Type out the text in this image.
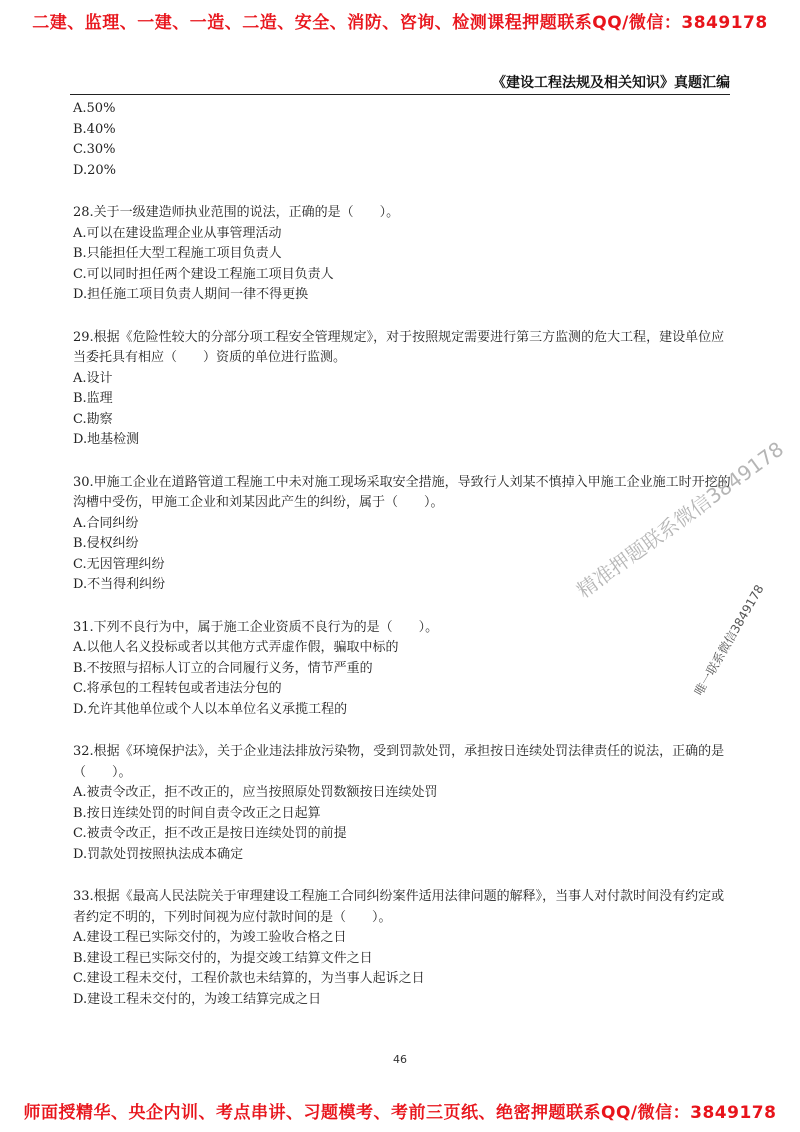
二建、监理、一建、一造、二造、安全、消防、咨询、检测课程押题联系QQ/微信：3849178
《建设工程法规及相关知识》真题汇编
A.50%
B.40%
C.30%
D.20%

28.关于一级建造师执业范围的说法，正确的是（　　）。

A.可以在建设监理企业从事管理活动
B.只能担任大型工程施工项目负责人
C.可以同时担任两个建设工程施工项目负责人
D.担任施工项目负责人期间一律不得更换

29.根据《危险性较大的分部分项工程安全管理规定》，对于按照规定需要进行第三方监测的危大工程，建设单位应当委托具有相应（　　）资质的单位进行监测。

A.设计
B.监理
C.勘察
D.地基检测

30.甲施工企业在道路管道工程施工中未对施工现场采取安全措施，导致行人刘某不慎掉入甲施工企业施工时开挖的沟槽中受伤，甲施工企业和刘某因此产生的纠纷，属于（　　）。

A.合同纠纷
B.侵权纠纷
C.无因管理纠纷
D.不当得利纠纷

31.下列不良行为中，属于施工企业资质不良行为的是（　　）。

A.以他人名义投标或者以其他方式弄虚作假，骗取中标的
B.不按照与招标人订立的合同履行义务，情节严重的
C.将承包的工程转包或者违法分包的
D.允许其他单位或个人以本单位名义承揽工程的

32.根据《环境保护法》，关于企业违法排放污染物，受到罚款处罚，承担按日连续处罚法律责任的说法，正确的是（　　）。

A.被责令改正，拒不改正的，应当按照原处罚数额按日连续处罚
B.按日连续处罚的时间自责令改正之日起算
C.被责令改正，拒不改正是按日连续处罚的前提
D.罚款处罚按照执法成本确定

33.根据《最高人民法院关于审理建设工程施工合同纠纷案件适用法律问题的解释》，当事人对付款时间没有约定或者约定不明的，下列时间视为应付款时间的是（　　）。

A.建设工程已实际交付的，为竣工验收合格之日
B.建设工程已实际交付的，为提交竣工结算文件之日
C.建设工程未交付，工程价款也未结算的，为当事人起诉之日
D.建设工程未交付的，为竣工结算完成之日
精准押题联系微信3849178
唯一联系微信3849178
46
师面授精华、央企内训、考点串讲、习题模考、考前三页纸、绝密押题联系QQ/微信：3849178
